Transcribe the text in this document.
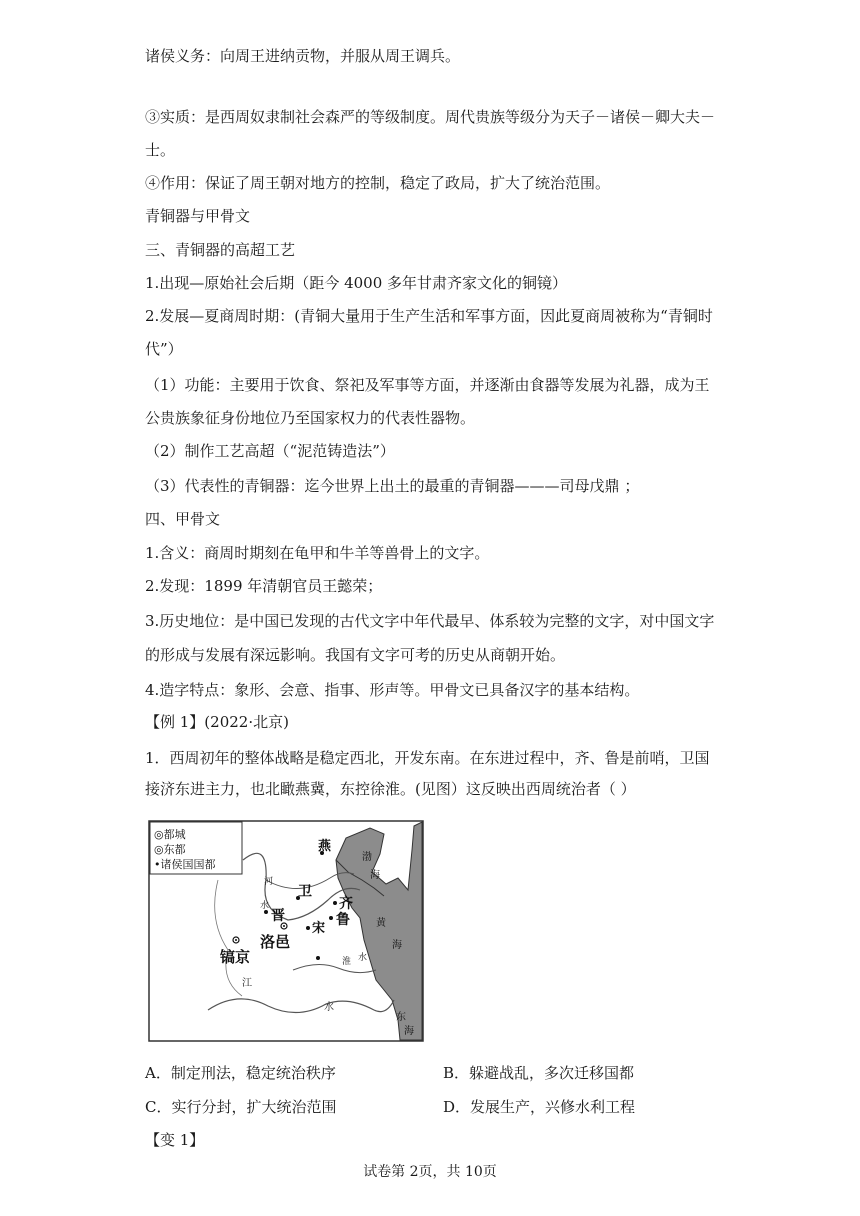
诸侯义务：向周王进纳贡物，并服从周王调兵。
③实质：是西周奴隶制社会森严的等级制度。周代贵族等级分为天子－诸侯－卿大夫－
士。
④作用：保证了周王朝对地方的控制，稳定了政局，扩大了统治范围。
青铜器与甲骨文
三、青铜器的高超工艺
1.出现—原始社会后期（距今 4000 多年甘肃齐家文化的铜镜）
2.发展—夏商周时期：(青铜大量用于生产生活和军事方面，因此夏商周被称为“青铜时
代”）
（1）功能：主要用于饮食、祭祀及军事等方面，并逐渐由食器等发展为礼器，成为王
公贵族象征身份地位乃至国家权力的代表性器物。
（2）制作工艺高超（“泥范铸造法”）
（3）代表性的青铜器：迄今世界上出土的最重的青铜器———司母戊鼎 ；
四、甲骨文
1.含义：商周时期刻在龟甲和牛羊等兽骨上的文字。
2.发现：1899 年清朝官员王懿荣；
3.历史地位：是中国已发现的古代文字中年代最早、体系较为完整的文字，对中国文字
的形成与发展有深远影响。我国有文字可考的历史从商朝开始。
4.造字特点：象形、会意、指事、形声等。甲骨文已具备汉字的基本结构。
【例 1】(2022·北京)
1．西周初年的整体战略是稳定西北，开发东南。在东进过程中，齐、鲁是前哨，卫国
接济东进主力，也北瞰燕冀，东控徐淮。(见图）这反映出西周统治者（ ）
◎都城
◎东都
•诸侯国国都
燕
卫
晋
齐
鲁
宋
洛邑
镐京
河
水
淮 水
江
水
渤
海
黄
海
东
海
A．制定刑法，稳定统治秩序	B．躲避战乱，多次迁移国都
C．实行分封，扩大统治范围	D．发展生产，兴修水利工程
【变 1】
试卷第 2页，共 10页
